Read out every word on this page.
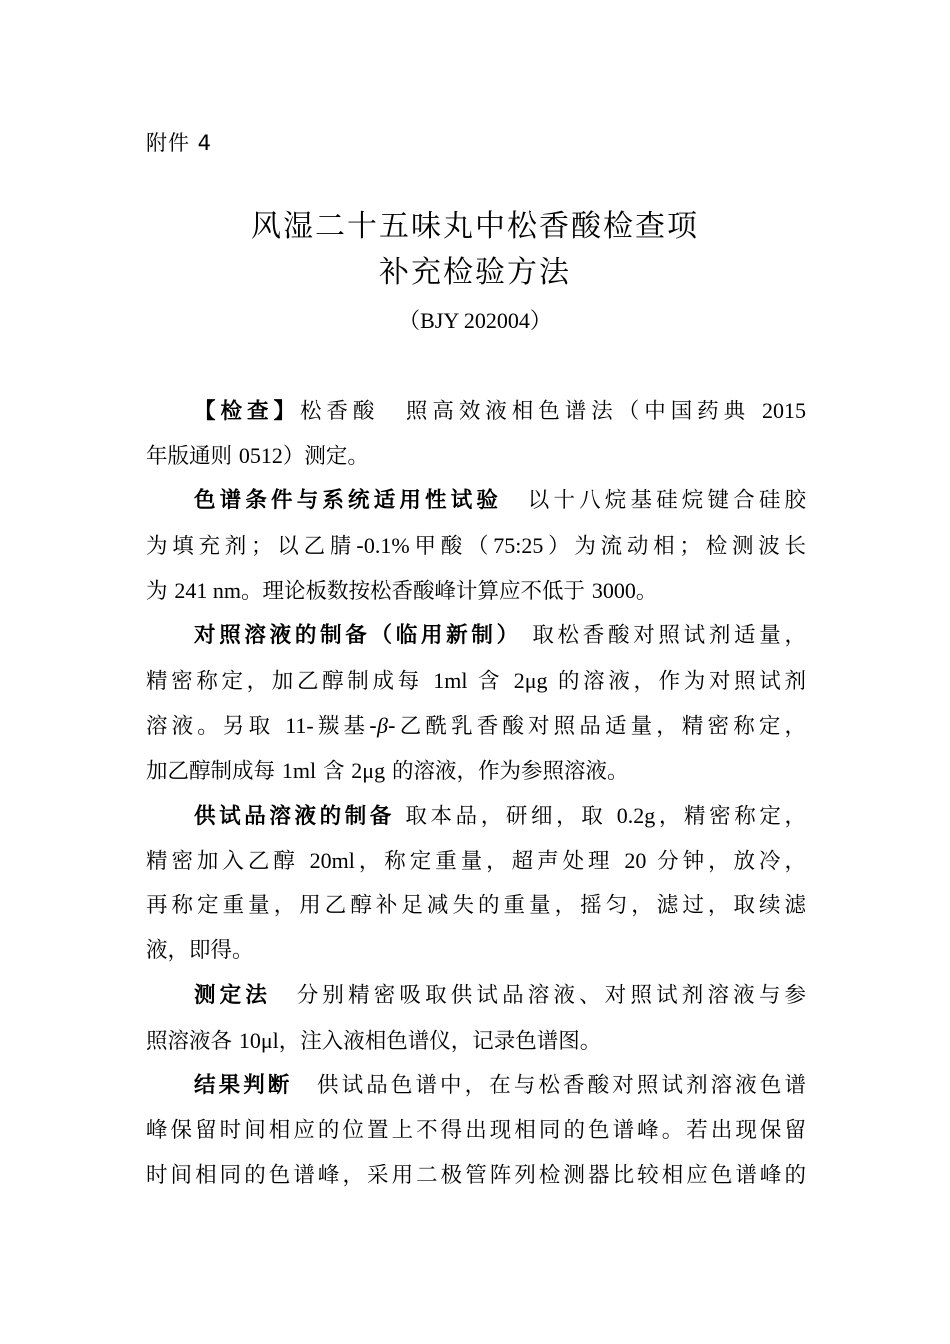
附件 4
风湿二十五味丸中松香酸检查项
补充检验方法
（BJY 202004）
【检查】松香酸　照高效液相色谱法（中国药典 2015
年版通则 0512）测定。
色谱条件与系统适用性试验　 以十八烷基硅烷键合硅胶
为填充剂；以乙腈-0.1%甲酸（75:25）为流动相；检测波长
为 241 nm。理论板数按松香酸峰计算应不低于 3000。
对照溶液的制备（临用新制） 取松香酸对照试剂适量，
精密称定，加乙醇制成每 1ml 含 2μg 的溶液，作为对照试剂
溶液。另取 11-羰基-β-乙酰乳香酸对照品适量，精密称定，
加乙醇制成每 1ml 含 2μg 的溶液，作为参照溶液。
供试品溶液的制备 取本品，研细，取 0.2g，精密称定，
精密加入乙醇 20ml，称定重量，超声处理 20 分钟，放冷，
再称定重量，用乙醇补足减失的重量，摇匀，滤过，取续滤
液，即得。
测定法　 分别精密吸取供试品溶液、对照试剂溶液与参
照溶液各 10μl，注入液相色谱仪，记录色谱图。
结果判断　 供试品色谱中，在与松香酸对照试剂溶液色谱
峰保留时间相应的位置上不得出现相同的色谱峰。若出现保留
时间相同的色谱峰，采用二极管阵列检测器比较相应色谱峰的
